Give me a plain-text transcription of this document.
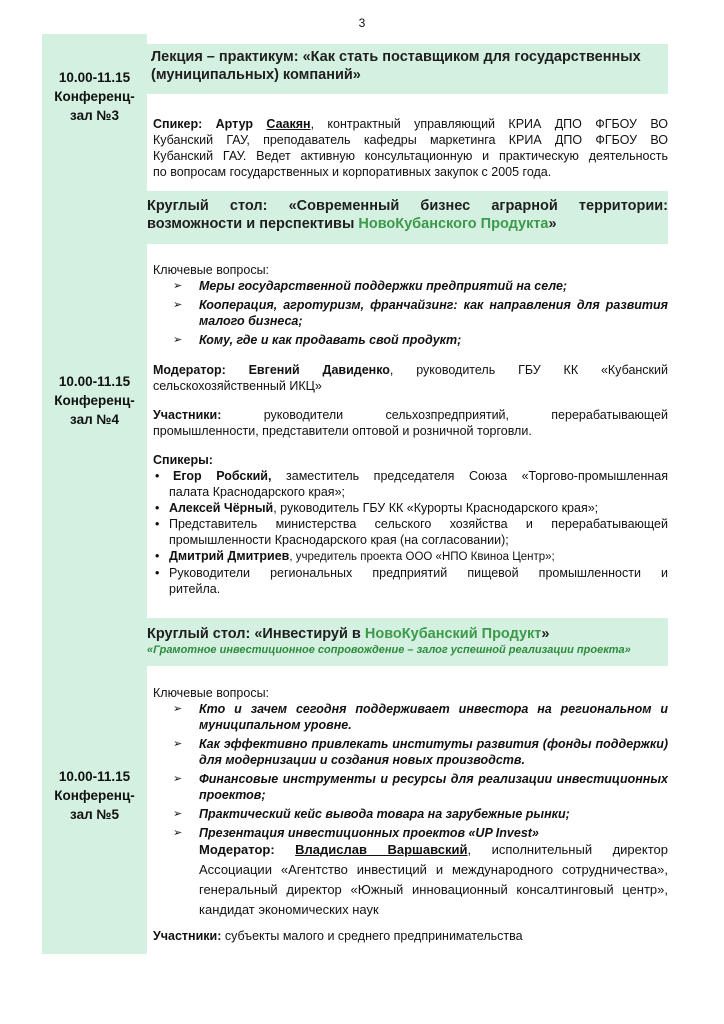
3
10.00-11.15
Конференц-
зал №3
Лекция – практикум: «Как стать поставщиком для государственных
(муниципальных) компаний»
Спикер: Артур Саакян, контрактный управляющий КРИА ДПО ФГБОУ ВО
Кубанский ГАУ, преподаватель кафедры маркетинга КРИА ДПО ФГБОУ ВО
Кубанский ГАУ. Ведет активную консультационную и практическую деятельность
по вопросам государственных и корпоративных закупок с 2005 года.
Круглый стол: «Современный бизнес аграрной территории:
возможности и перспективы НовоКубанского Продукта»
10.00-11.15
Конференц-
зал №4
Ключевые вопросы:
➢ Меры государственной поддержки предприятий на селе;
➢ Кооперация, агротуризм, франчайзинг: как направления для развития малого бизнеса;
➢ Кому, где и как продавать свой продукт;
Модератор: Евгений Давиденко, руководитель ГБУ КК «Кубанский
сельскохозяйственный ИКЦ»
Участники:	руководители сельхозпредприятий, перерабатывающей
промышленности, представители оптовой и розничной торговли.
Спикеры:
•	Егор Робский, заместитель председателя Союза «Торгово-промышленная
палата Краснодарского края»;
• Алексей Чёрный, руководитель ГБУ КК «Курорты Краснодарского края»;
• Представитель министерства сельского хозяйства и перерабатывающей
промышленности Краснодарского края (на согласовании);
• Дмитрий Дмитриев, учредитель проекта ООО «НПО Квиноа Центр»;
• Руководители региональных предприятий пищевой промышленности и
ритейла.
Круглый стол: «Инвестируй в НовоКубанский Продукт»
«Грамотное инвестиционное сопровождение – залог успешной реализации проекта»
10.00-11.15
Конференц-
зал №5
Ключевые вопросы:
➢ Кто и зачем сегодня поддерживает инвестора на региональном и
муниципальном уровне.
➢ Как эффективно привлекать институты развития (фонды поддержки)
для модернизации и создания новых производств.
➢ Финансовые инструменты и ресурсы для реализации инвестиционных
проектов;
➢ Практический кейс вывода товара на зарубежные рынки;
➢ Презентация инвестиционных проектов «UP Invest»
Модератор: Владислав Варшавский, исполнительный директор
Ассоциации «Агентство инвестиций и международного сотрудничества»,
генеральный директор «Южный инновационный консалтинговый центр»,
кандидат экономических наук
Участники: субъекты малого и среднего предпринимательства
